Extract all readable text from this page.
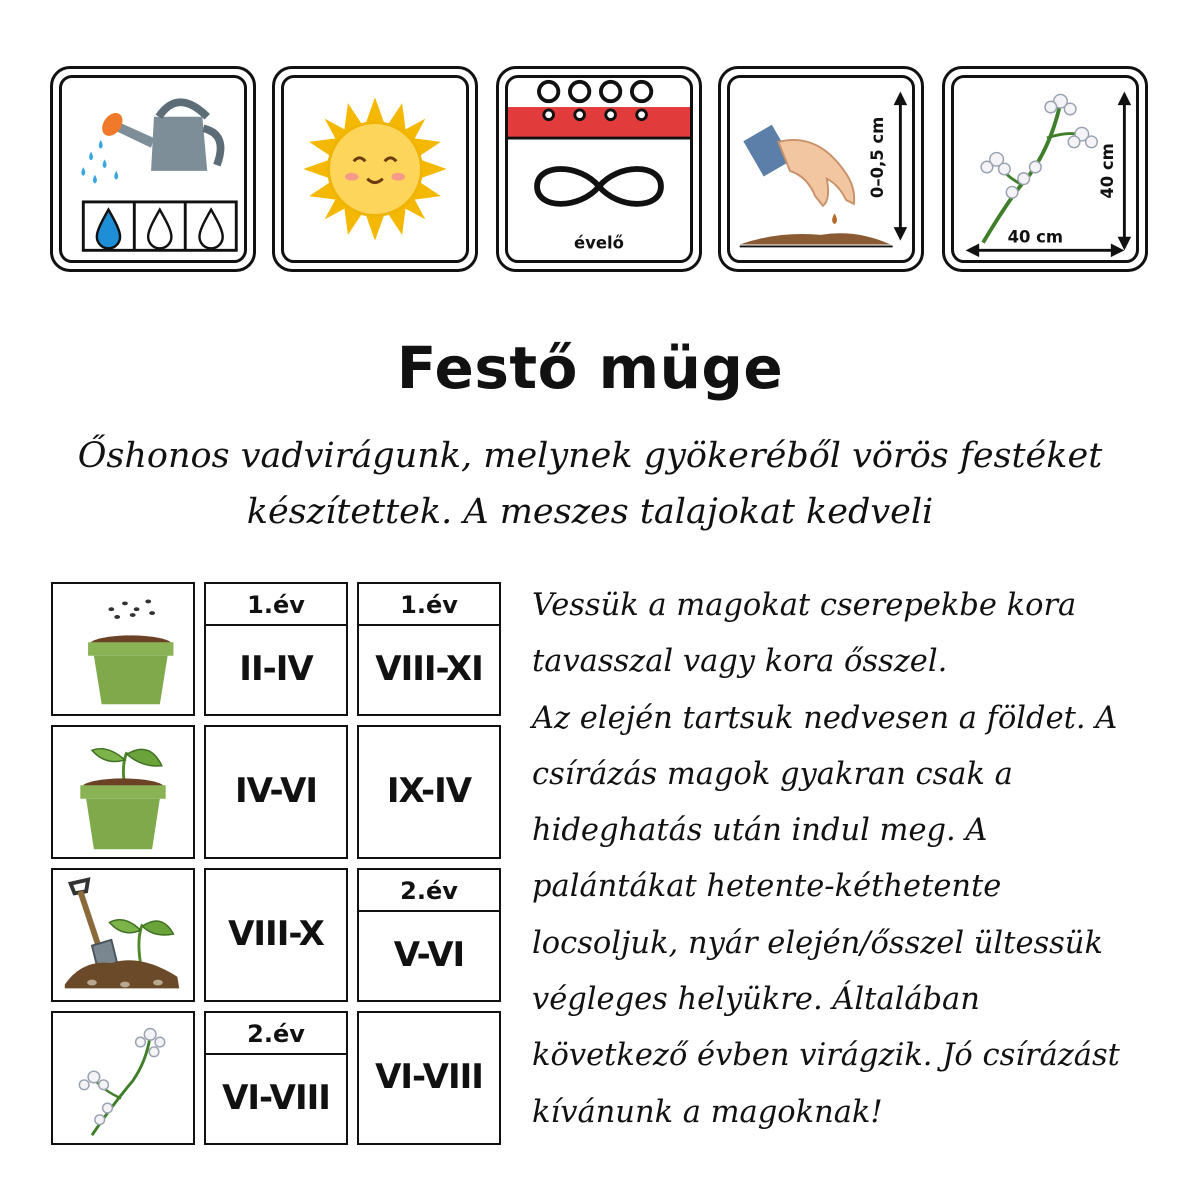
évelő
0–0,5 cm	40 cm
40 cm
Festő müge
Őshonos vadvirágunk, melynek gyökeréből vörös festéket
készítettek. A meszes talajokat kedveli
1.év
II-IV
1.év
VIII-XI
IV-VI	IX-IV
VIII-X
2.év
V-VI
2.év
VI-VIII
VI-VIII
Vessük a magokat cserepekbe kora
tavasszal vagy kora ősszel.
Az elején tartsuk nedvesen a földet. A
csírázás magok gyakran csak a
hideghatás után indul meg. A
palántákat hetente-kéthetente
locsoljuk, nyár elején/ősszel ültessük
végleges helyükre. Általában
következő évben virágzik. Jó csírázást
kívánunk a magoknak!
